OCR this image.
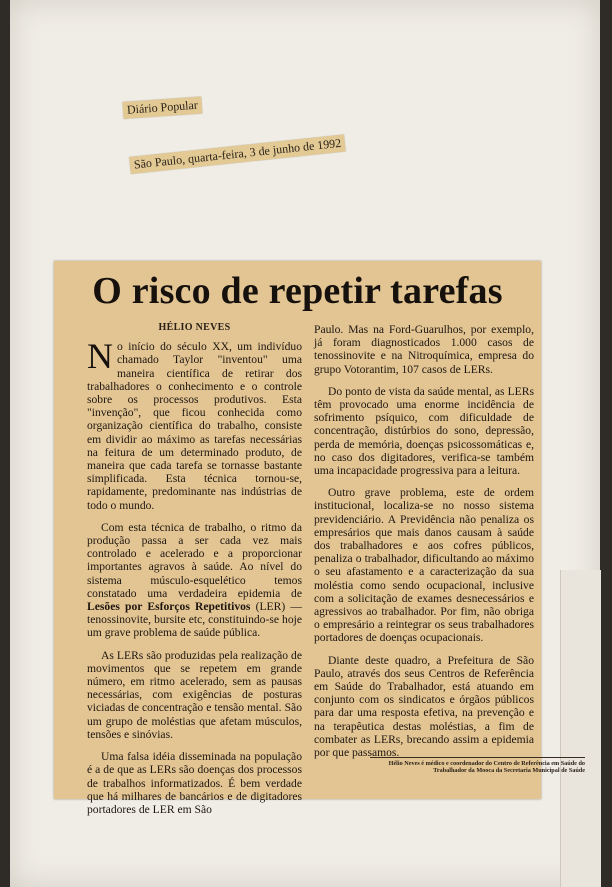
Diário Popular
São Paulo, quarta-feira, 3 de junho de 1992
O risco de repetir tarefas
HÉLIO NEVES

No início do século XX, um indivíduo chamado Taylor "inventou" uma maneira científica de retirar dos trabalhadores o conhecimento e o controle sobre os processos produtivos. Esta "invenção", que ficou conhecida como organização científica do trabalho, consiste em dividir ao máximo as tarefas necessárias na feitura de um determinado produto, de maneira que cada tarefa se tornasse bastante simplificada. Esta técnica tornou-se, rapidamente, predominante nas indústrias de todo o mundo.

Com esta técnica de trabalho, o ritmo da produção passa a ser cada vez mais controlado e acelerado e a proporcionar importantes agravos à saúde. Ao nível do sistema músculo-esquelético temos constatado uma verdadeira epidemia de Lesões por Esforços Repetitivos (LER) — tenossinovite, bursite etc, constituindo-se hoje um grave problema de saúde pública.

As LERs são produzidas pela realização de movimentos que se repetem em grande número, em ritmo acelerado, sem as pausas necessárias, com exigências de posturas viciadas de concentração e tensão mental. São um grupo de moléstias que afetam músculos, tensões e sinóvias.

Uma falsa idéia disseminada na população é a de que as LERs são doenças dos processos de trabalhos informatizados. É bem verdade que há milhares de bancários e de digitadores portadores de LER em São

Paulo. Mas na Ford-Guarulhos, por exemplo, já foram diagnosticados 1.000 casos de tenossinovite e na Nitroquímica, empresa do grupo Votorantim, 107 casos de LERs.

Do ponto de vista da saúde mental, as LERs têm provocado uma enorme incidência de sofrimento psíquico, com dificuldade de concentração, distúrbios do sono, depressão, perda de memória, doenças psicossomáticas e, no caso dos digitadores, verifica-se também uma incapacidade progressiva para a leitura.

Outro grave problema, este de ordem institucional, localiza-se no nosso sistema previdenciário. A Previdência não penaliza os empresários que mais danos causam à saúde dos trabalhadores e aos cofres públicos, penaliza o trabalhador, dificultando ao máximo o seu afastamento e a caracterização da sua moléstia como sendo ocupacional, inclusive com a solicitação de exames desnecessários e agressivos ao trabalhador. Por fim, não obriga o empresário a reintegrar os seus trabalhadores portadores de doenças ocupacionais.

Diante deste quadro, a Prefeitura de São Paulo, através dos seus Centros de Referência em Saúde do Trabalhador, está atuando em conjunto com os sindicatos e órgãos públicos para dar uma resposta efetiva, na prevenção e na terapêutica destas moléstias, a fim de combater as LERs, brecando assim a epidemia por que passamos.

Hélio Neves é médico e coordenador do Centro de Referência em Saúde do Trabalhador da Mooca da Secretaria Municipal de Saúde
